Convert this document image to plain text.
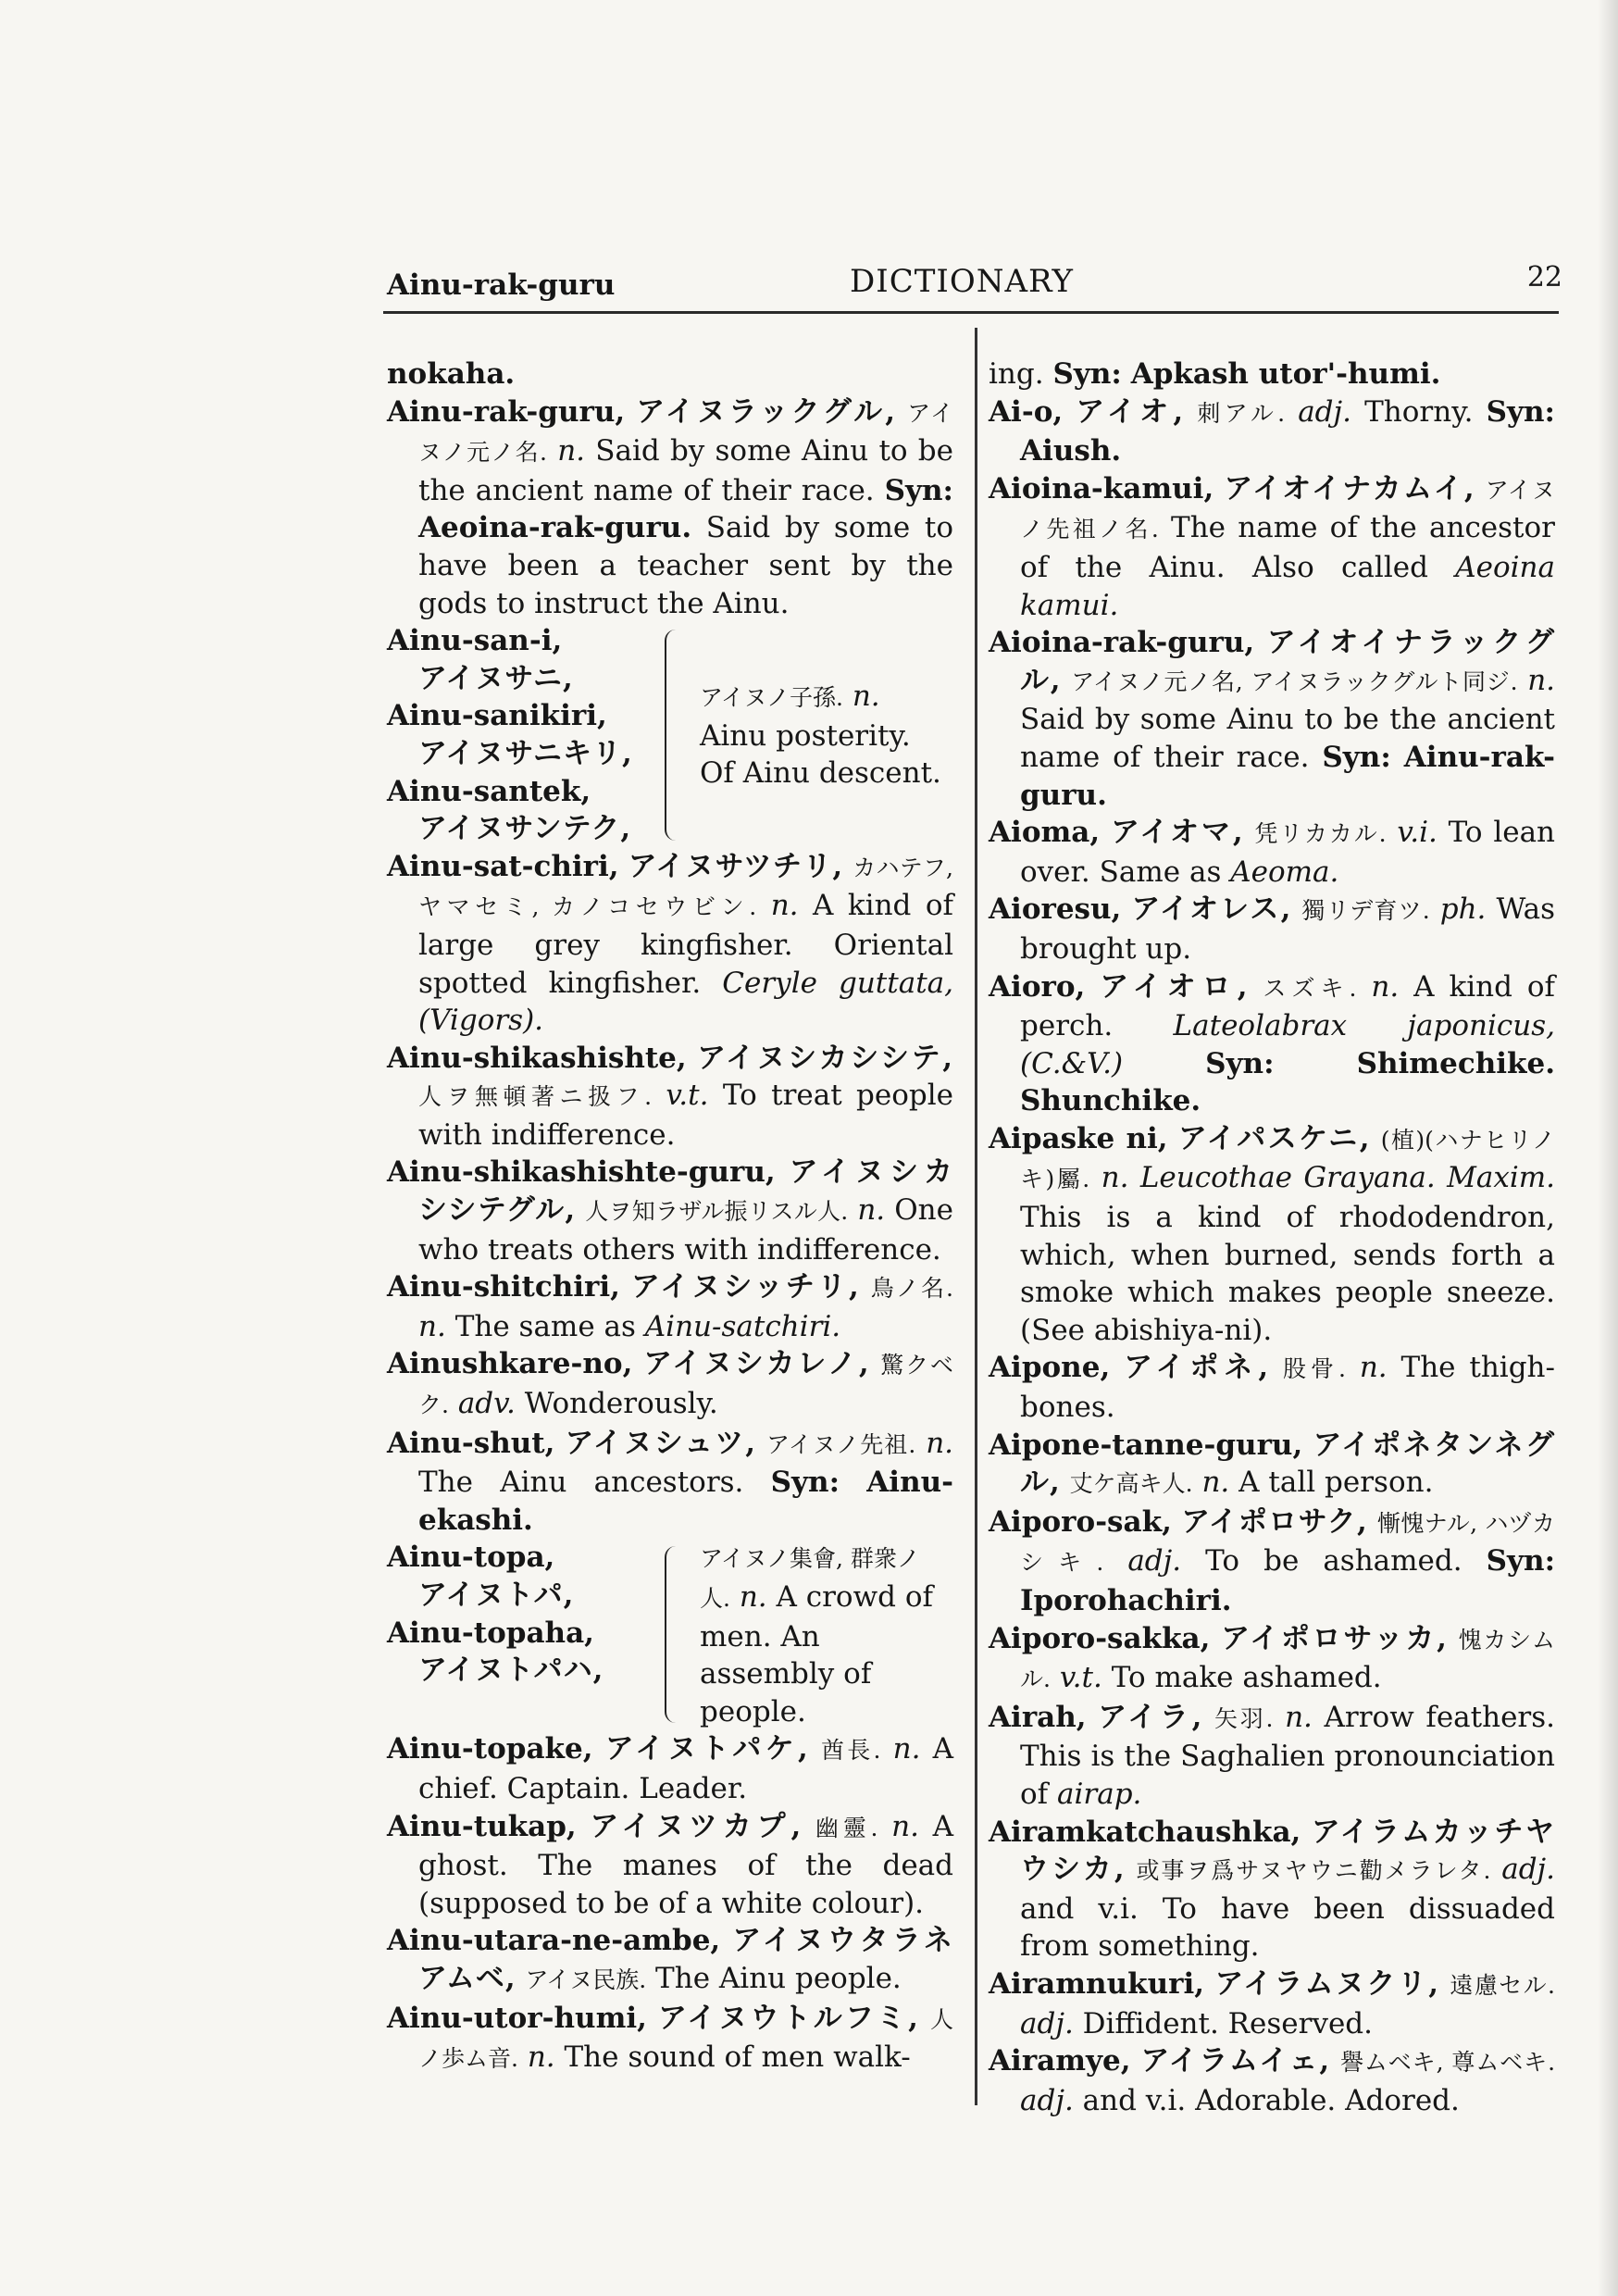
Ainu-rak-guru	DICTIONARY	22

nokaha.

Ainu-rak-guru, アイヌラックグル, アイヌノ元ノ名. n. Said by some Ainu to be the ancient name of their race. Syn: Aeoina-rak-guru. Said by some to have been a teacher sent by the gods to instruct the Ainu.

Ainu-san-i,
アイヌサニ,
Ainu-sanikiri,
アイヌサニキリ,
Ainu-santek,
アイヌサンテク,
アイヌノ子孫. n. Ainu posterity. Of Ainu descent.

Ainu-sat-chiri, アイヌサツチリ, カハテフ, ヤマセミ, カノコセウビン. n. A kind of large grey kingfisher. Oriental spotted kingfisher. Ceryle guttata, (Vigors).

Ainu-shikashishte, アイヌシカシシテ, 人ヲ無頓著ニ扱フ. v.t. To treat people with indifference.

Ainu-shikashishte-guru, アイヌシカシシテグル, 人ヲ知ラザル振リスル人. n. One who treats others with indifference.

Ainu-shitchiri, アイヌシッチリ, 鳥ノ名. n. The same as Ainu-satchiri.

Ainushkare-no, アイヌシカレノ, 驚クベク. adv. Wonderously.

Ainu-shut, アイヌシュツ, アイヌノ先祖. n. The Ainu ancestors. Syn: Ainu-ekashi.

Ainu-topa,
アイヌトパ,
Ainu-topaha,
アイヌトパハ,
アイヌノ集會, 群衆ノ人. n. A crowd of men. An assembly of people.

Ainu-topake, アイヌトパケ, 酋長. n. A chief. Captain. Leader.

Ainu-tukap, アイヌツカプ, 幽靈. n. A ghost. The manes of the dead (supposed to be of a white colour).

Ainu-utara-ne-ambe, アイヌウタラネアムベ, アイヌ民族. The Ainu people.

Ainu-utor-humi, アイヌウトルフミ, 人ノ歩ム音. n. The sound of men walk-

ing. Syn: Apkash utor'-humi.

Ai-o, アイオ, 刺アル. adj. Thorny. Syn: Aiush.

Aioina-kamui, アイオイナカムイ, アイヌノ先祖ノ名. The name of the ancestor of the Ainu. Also called Aeoina kamui.

Aioina-rak-guru, アイオイナラックグル, アイヌノ元ノ名, アイヌラックグルト同ジ. n. Said by some Ainu to be the ancient name of their race. Syn: Ainu-rak-guru.

Aioma, アイオマ, 凭リカカル. v.i. To lean over. Same as Aeoma.

Aioresu, アイオレス, 獨リデ育ツ. ph. Was brought up.

Aioro, アイオロ, スズキ. n. A kind of perch. Lateolabrax japonicus, (C.&V.)	Syn:	Shimechike. Shunchike.

Aipaske ni, アイパスケニ, (植)(ハナヒリノキ)屬. n. Leucothae Grayana. Maxim. This is a kind of rhododendron, which, when burned, sends forth a smoke which makes people sneeze. (See abishiya-ni).

Aipone, アイポネ, 股骨. n. The thigh-bones.

Aipone-tanne-guru, アイポネタンネグル, 丈ケ高キ人. n. A tall person.

Aiporo-sak, アイポロサク, 慚愧ナル, ハヅカシキ. adj. To be ashamed. Syn: Iporohachiri.

Aiporo-sakka, アイポロサッカ, 愧カシムル. v.t. To make ashamed.

Airah, アイラ, 矢羽. n. Arrow feathers. This is the Saghalien pronounciation of airap.

Airamkatchaushka, アイラムカッチヤウシカ, 或事ヲ爲サヌヤウニ勸メラレタ. adj. and v.i. To have been dissuaded from something.

Airamnukuri, アイラムヌクリ, 遠慮セル. adj. Diffident. Reserved.

Airamye, アイラムイェ, 譽ムベキ, 尊ムベキ. adj. and v.i. Adorable. Adored.
